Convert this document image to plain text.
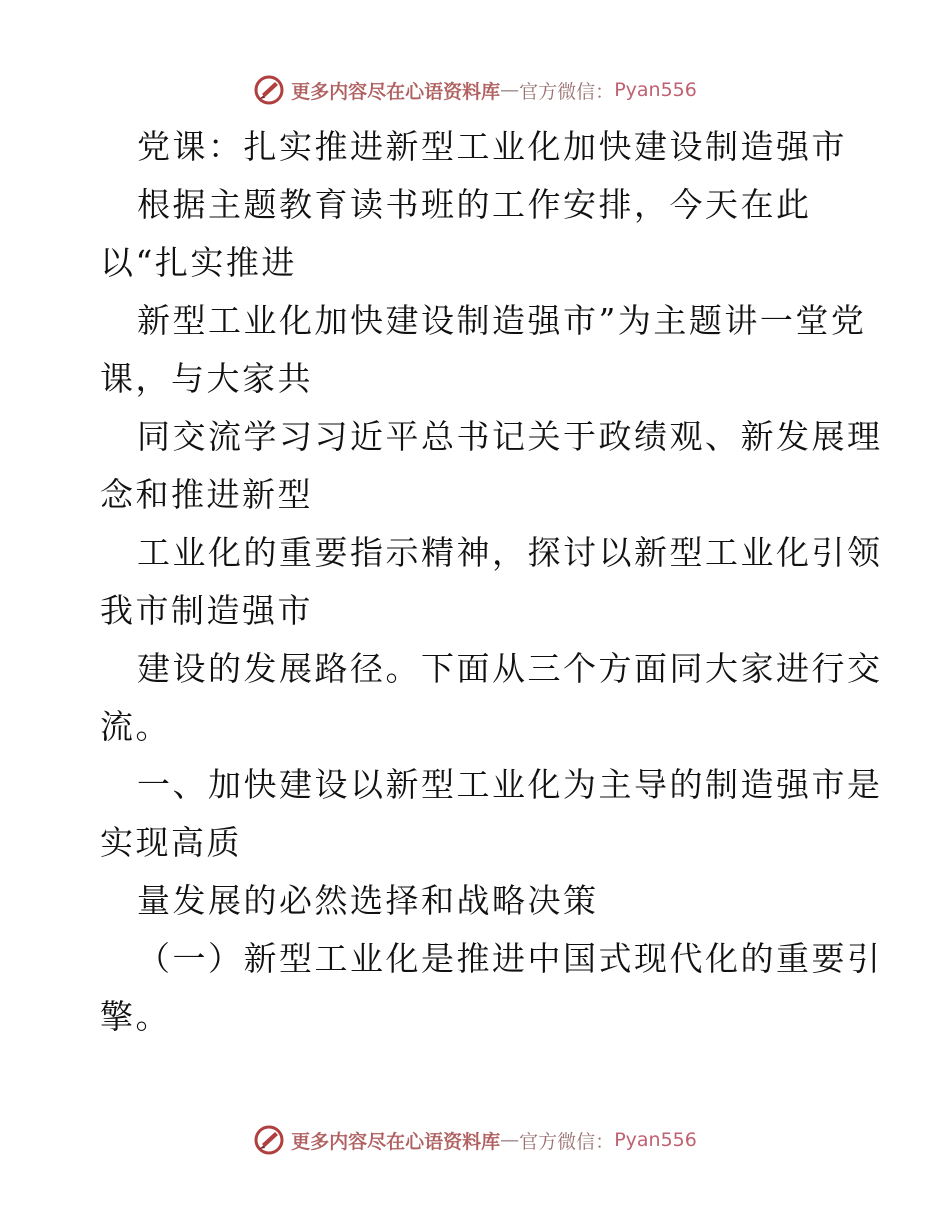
更多内容尽在心语资料库 — 官方微信： Pyan556
党课：扎实推进新型工业化加快建设制造强市
根据主题教育读书班的工作安排，今天在此
以“扎实推进
新型工业化加快建设制造强市”为主题讲一堂党
课，与大家共
同交流学习习近平总书记关于政绩观、新发展理
念和推进新型
工业化的重要指示精神，探讨以新型工业化引领
我市制造强市
建设的发展路径。下面从三个方面同大家进行交
流。
一、加快建设以新型工业化为主导的制造强市是
实现高质
量发展的必然选择和战略决策
（一）新型工业化是推进中国式现代化的重要引
擎。
更多内容尽在心语资料库 — 官方微信： Pyan556
